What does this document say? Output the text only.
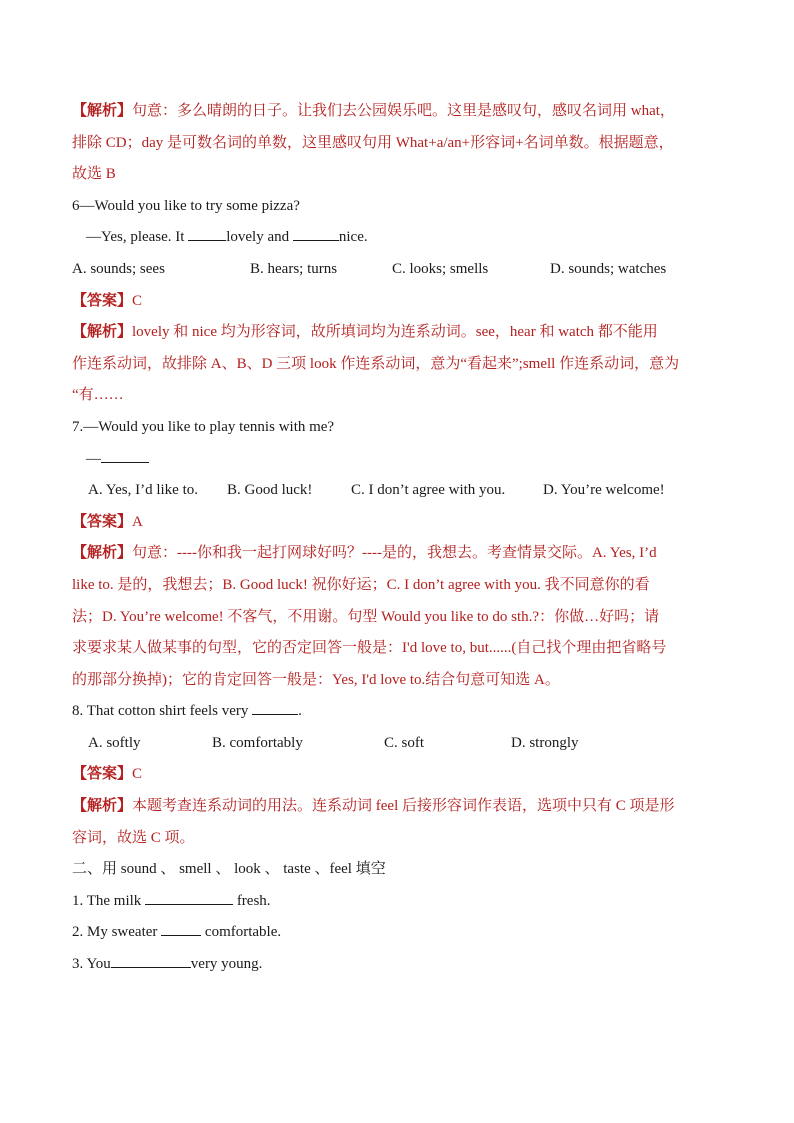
【解析】句意：多么晴朗的日子。让我们去公园娱乐吧。这里是感叹句，感叹名词用 what，
排除 CD；day 是可数名词的单数，这里感叹句用 What+a/an+形容词+名词单数。根据题意，
故选 B
6—Would you like to try some pizza?
—Yes, please. It	lovely and	nice.
A. sounds; sees	B. hears; turns	C. looks; smells	D. sounds; watches
【答案】C
【解析】lovely 和 nice 均为形容词，故所填词均为连系动词。see，hear 和 watch 都不能用
作连系动词，故排除 A、B、D 三项 look 作连系动词，意为“看起来”;smell 作连系动词，意为
“有……
7.—Would you like to play tennis with me?
—
A. Yes, I’d like to. B. Good luck!	C. I don’t agree with you.	D. You’re welcome!
【答案】A
【解析】句意：----你和我一起打网球好吗？----是的，我想去。考查情景交际。A. Yes, I’d
like to. 是的，我想去；B. Good luck! 祝你好运；C. I don’t agree with you. 我不同意你的看
法；D. You’re welcome! 不客气，不用谢。句型 Would you like to do sth.?：你做…好吗；请
求要求某人做某事的句型，它的否定回答一般是：I'd love to, but......(自己找个理由把省略号
的那部分换掉)；它的肯定回答一般是：Yes, I'd love to.结合句意可知选 A。
8. That cotton shirt feels very	.
A. softly	B. comfortably	C. soft	D. strongly
【答案】C
【解析】本题考查连系动词的用法。连系动词 feel 后接形容词作表语，选项中只有 C 项是形
容词，故选 C 项。
二、用 sound 、 smell 、 look 、 taste 、feel 填空
1. The milk	fresh.
2. My sweater	comfortable.
3. You	very young.
